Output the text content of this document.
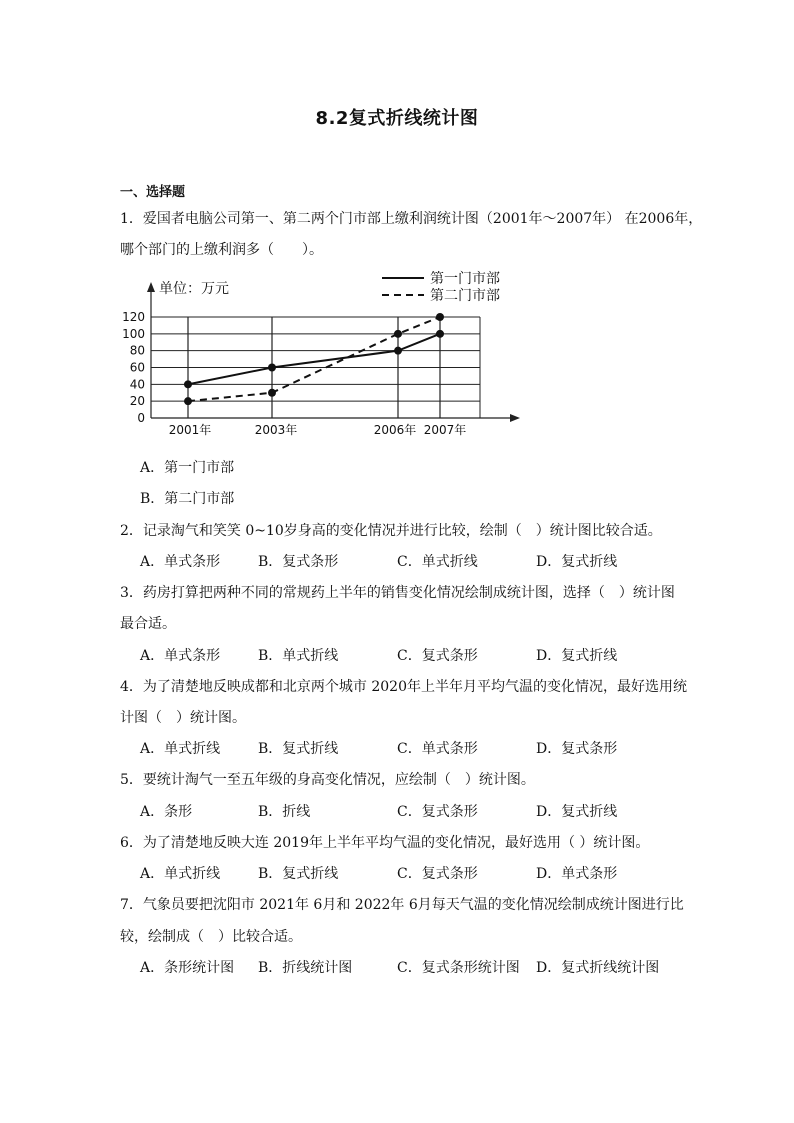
8.2复式折线统计图
一、选择题
1．爱国者电脑公司第一、第二两个门市部上缴利润统计图（2001年～2007年） 在2006年，
哪个部门的上缴利润多（　　）。
0
20
40
60
80
100
120
2001年	2003年	2006年 2007年
单位：万元
第一门市部
第二门市部
A．第一门市部
B．第二门市部
2．记录淘气和笑笑 0~10岁身高的变化情况并进行比较，绘制（　）统计图比较合适。
A．单式条形	B．复式条形	C．单式折线	D．复式折线
3．药房打算把两种不同的常规药上半年的销售变化情况绘制成统计图，选择（　）统计图
最合适。
A．单式条形	B．单式折线	C．复式条形	D．复式折线
4．为了清楚地反映成都和北京两个城市 2020年上半年月平均气温的变化情况，最好选用统
计图（　）统计图。
A．单式折线	B．复式折线	C．单式条形	D．复式条形
5．要统计淘气一至五年级的身高变化情况，应绘制（　）统计图。
A．条形	B．折线	C．复式条形	D．复式折线
6．为了清楚地反映大连 2019年上半年平均气温的变化情况，最好选用（ ）统计图。
A．单式折线	B．复式折线	C．复式条形	D．单式条形
7．气象员要把沈阳市 2021年 6月和 2022年 6月每天气温的变化情况绘制成统计图进行比
较，绘制成（　）比较合适。
A．条形统计图 B．折线统计图	C．复式条形统计图 D．复式折线统计图
